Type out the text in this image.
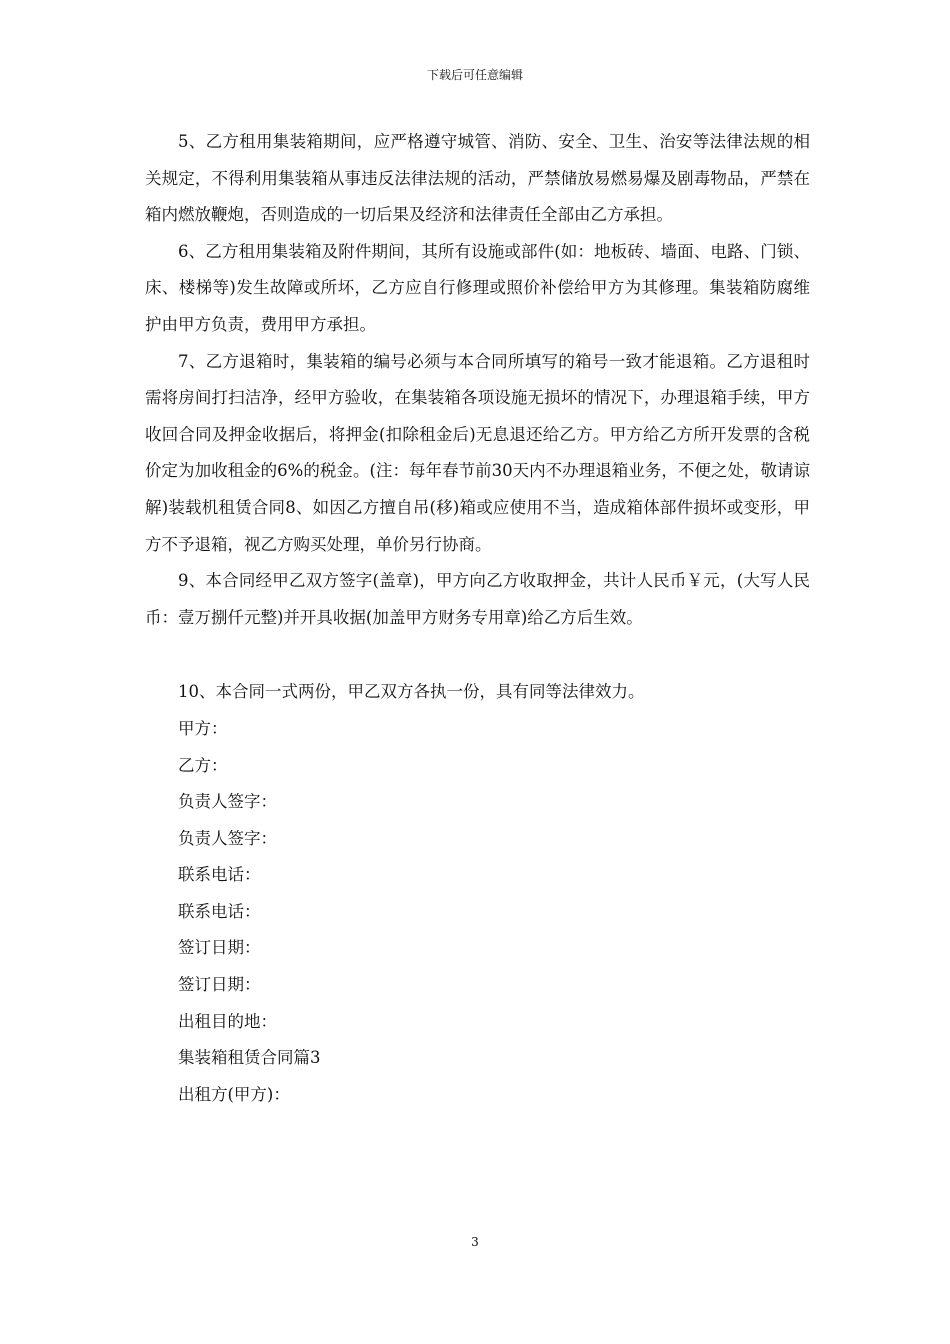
下载后可任意编辑

5、乙方租用集装箱期间，应严格遵守城管、消防、安全、卫生、治安等法律法规的相关规定，不得利用集装箱从事违反法律法规的活动，严禁储放易燃易爆及剧毒物品，严禁在箱内燃放鞭炮，否则造成的一切后果及经济和法律责任全部由乙方承担。

6、乙方租用集装箱及附件期间，其所有设施或部件(如：地板砖、墙面、电路、门锁、床、楼梯等)发生故障或所坏，乙方应自行修理或照价补偿给甲方为其修理。集装箱防腐维护由甲方负责，费用甲方承担。

7、乙方退箱时，集装箱的编号必须与本合同所填写的箱号一致才能退箱。乙方退租时需将房间打扫洁净，经甲方验收，在集装箱各项设施无损坏的情况下，办理退箱手续，甲方收回合同及押金收据后，将押金(扣除租金后)无息退还给乙方。甲方给乙方所开发票的含税价定为加收租金的6%的税金。(注：每年春节前30天内不办理退箱业务，不便之处，敬请谅解)装载机租赁合同8、如因乙方擅自吊(移)箱或应使用不当，造成箱体部件损坏或变形，甲方不予退箱，视乙方购买处理，单价另行协商。

9、本合同经甲乙双方签字(盖章)，甲方向乙方收取押金，共计人民币￥元，(大写人民币：壹万捌仟元整)并开具收据(加盖甲方财务专用章)给乙方后生效。

10、本合同一式两份，甲乙双方各执一份，具有同等法律效力。

甲方：

乙方：

负责人签字：

负责人签字：

联系电话：

联系电话：

签订日期：

签订日期：

出租目的地：

集装箱租赁合同篇3

出租方(甲方)：

3
